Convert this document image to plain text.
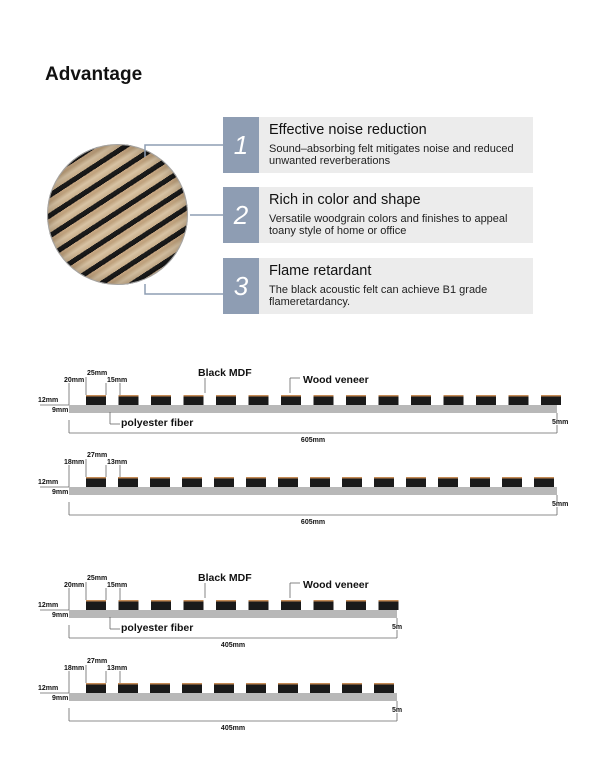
Advantage
1	Effective noise reduction
Sound–absorbing felt mitigates noise and reduced unwanted reverberations
2	Rich in color and shape
Versatile woodgrain colors and finishes to appeal toany style of home or office
3	Flame retardant
The black acoustic felt can achieve B1 grade flameretardancy.
20mm
25mm
15mm
12mm
9mm
5mm
605mm
Black MDF
Wood veneer
polyester fiber
18mm
27mm
13mm
12mm
9mm
5mm
605mm
20mm
25mm
15mm
12mm
9mm
5m
405mm
Black MDF
Wood veneer
polyester fiber
18mm
27mm
13mm
12mm
9mm
5m
405mm
